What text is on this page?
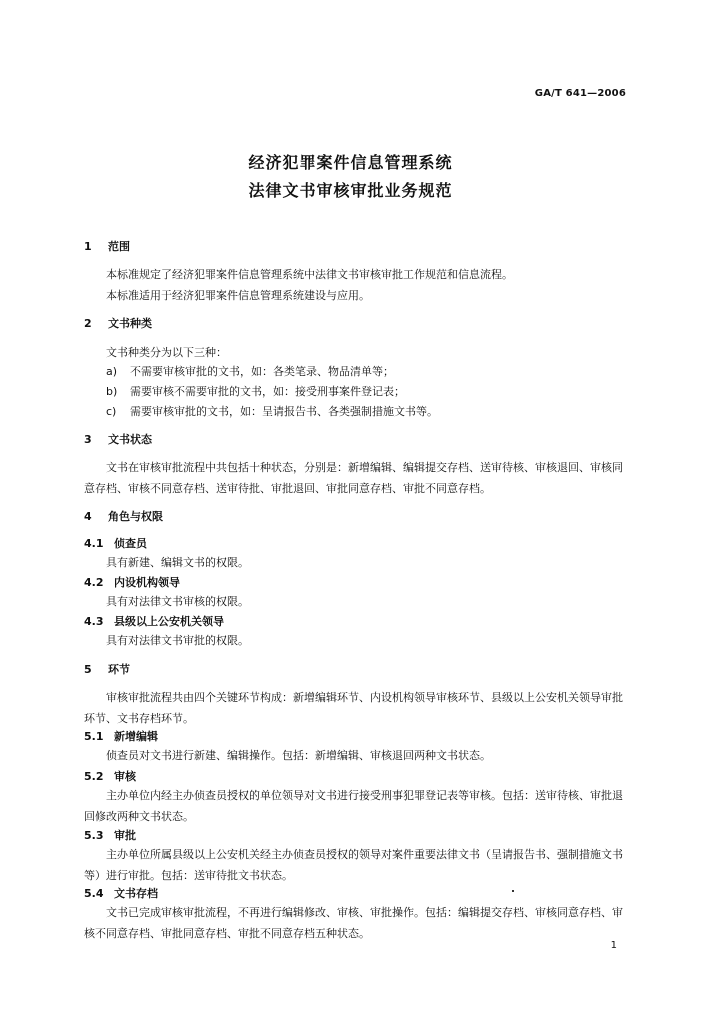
GA/T 641—2006
经济犯罪案件信息管理系统
法律文书审核审批业务规范
1 范围
本标准规定了经济犯罪案件信息管理系统中法律文书审核审批工作规范和信息流程。
本标准适用于经济犯罪案件信息管理系统建设与应用。
2 文书种类
文书种类分为以下三种：
a) 不需要审核审批的文书，如：各类笔录、物品清单等；
b) 需要审核不需要审批的文书，如：接受刑事案件登记表；
c) 需要审核审批的文书，如：呈请报告书、各类强制措施文书等。
3 文书状态
文书在审核审批流程中共包括十种状态，分别是：新增编辑、编辑提交存档、送审待核、审核退回、审核同意存档、审核不同意存档、送审待批、审批退回、审批同意存档、审批不同意存档。
4 角色与权限
4.1 侦查员
具有新建、编辑文书的权限。
4.2 内设机构领导
具有对法律文书审核的权限。
4.3 县级以上公安机关领导
具有对法律文书审批的权限。
5 环节
审核审批流程共由四个关键环节构成：新增编辑环节、内设机构领导审核环节、县级以上公安机关领导审批环节、文书存档环节。
5.1 新增编辑
侦查员对文书进行新建、编辑操作。包括：新增编辑、审核退回两种文书状态。
5.2 审核
主办单位内经主办侦查员授权的单位领导对文书进行接受刑事犯罪登记表等审核。包括：送审待核、审批退回修改两种文书状态。
5.3 审批
主办单位所属县级以上公安机关经主办侦查员授权的领导对案件重要法律文书（呈请报告书、强制措施文书等）进行审批。包括：送审待批文书状态。
5.4 文书存档
文书已完成审核审批流程，不再进行编辑修改、审核、审批操作。包括：编辑提交存档、审核同意存档、审核不同意存档、审批同意存档、审批不同意存档五种状态。
1
